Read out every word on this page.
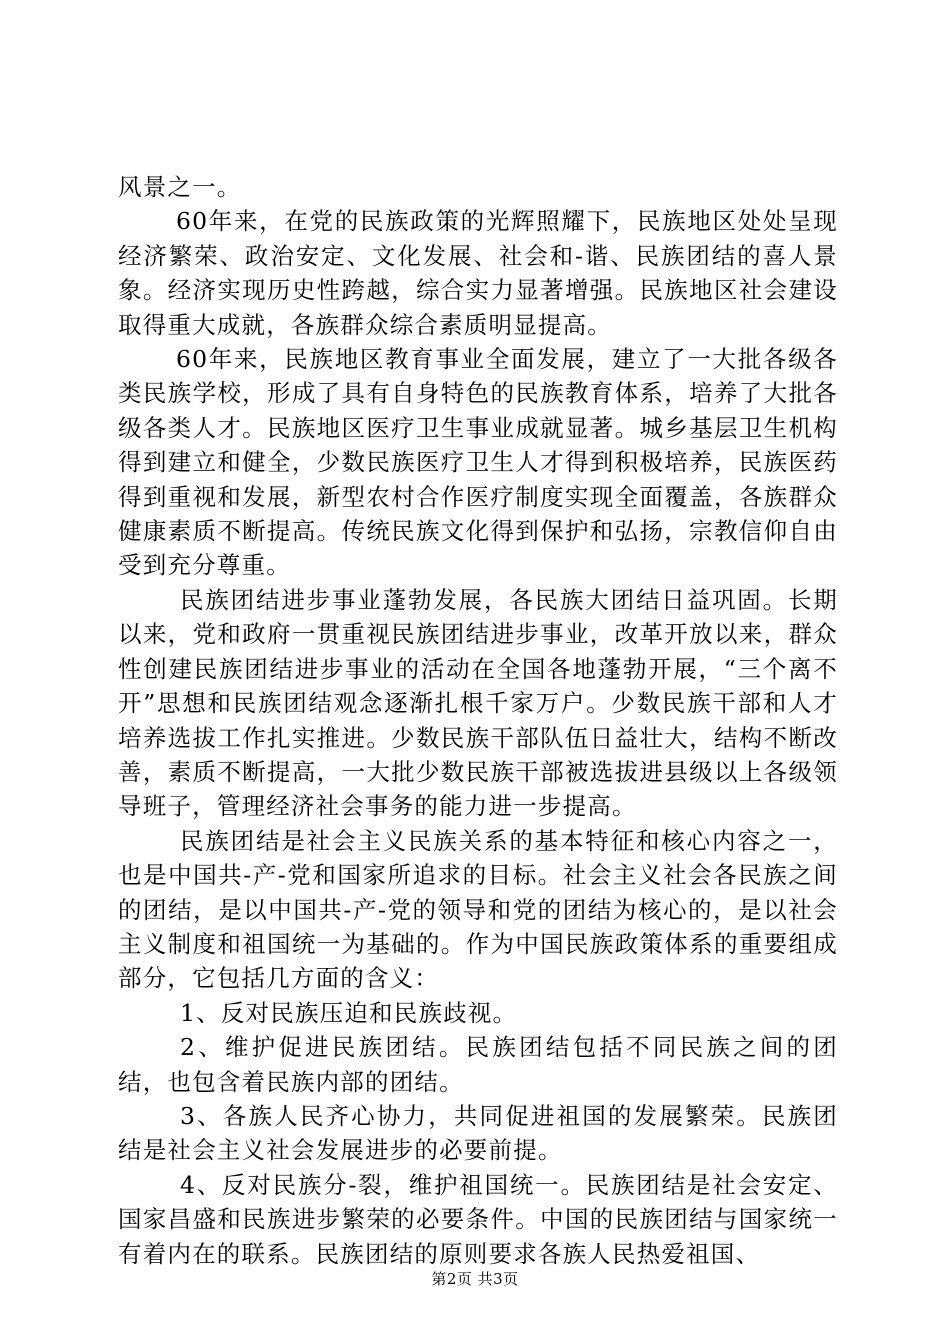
风景之一。

60年来，在党的民族政策的光辉照耀下，民族地区处处呈现经济繁荣、政治安定、文化发展、社会和-谐、民族团结的喜人景象。经济实现历史性跨越，综合实力显著增强。民族地区社会建设取得重大成就，各族群众综合素质明显提高。

60年来，民族地区教育事业全面发展，建立了一大批各级各类民族学校，形成了具有自身特色的民族教育体系，培养了大批各级各类人才。民族地区医疗卫生事业成就显著。城乡基层卫生机构得到建立和健全，少数民族医疗卫生人才得到积极培养，民族医药得到重视和发展，新型农村合作医疗制度实现全面覆盖，各族群众健康素质不断提高。传统民族文化得到保护和弘扬，宗教信仰自由受到充分尊重。

民族团结进步事业蓬勃发展，各民族大团结日益巩固。长期以来，党和政府一贯重视民族团结进步事业，改革开放以来，群众性创建民族团结进步事业的活动在全国各地蓬勃开展，“三个离不开”思想和民族团结观念逐渐扎根千家万户。少数民族干部和人才培养选拔工作扎实推进。少数民族干部队伍日益壮大，结构不断改善，素质不断提高，一大批少数民族干部被选拔进县级以上各级领导班子，管理经济社会事务的能力进一步提高。

民族团结是社会主义民族关系的基本特征和核心内容之一，也是中国共-产-党和国家所追求的目标。社会主义社会各民族之间的团结，是以中国共-产-党的领导和党的团结为核心的，是以社会主义制度和祖国统一为基础的。作为中国民族政策体系的重要组成部分，它包括几方面的含义：

1、反对民族压迫和民族歧视。

2、维护促进民族团结。民族团结包括不同民族之间的团结，也包含着民族内部的团结。

3、各族人民齐心协力，共同促进祖国的发展繁荣。民族团结是社会主义社会发展进步的必要前提。

4、反对民族分-裂，维护祖国统一。民族团结是社会安定、国家昌盛和民族进步繁荣的必要条件。中国的民族团结与国家统一有着内在的联系。民族团结的原则要求各族人民热爱祖国、

第2页 共3页
